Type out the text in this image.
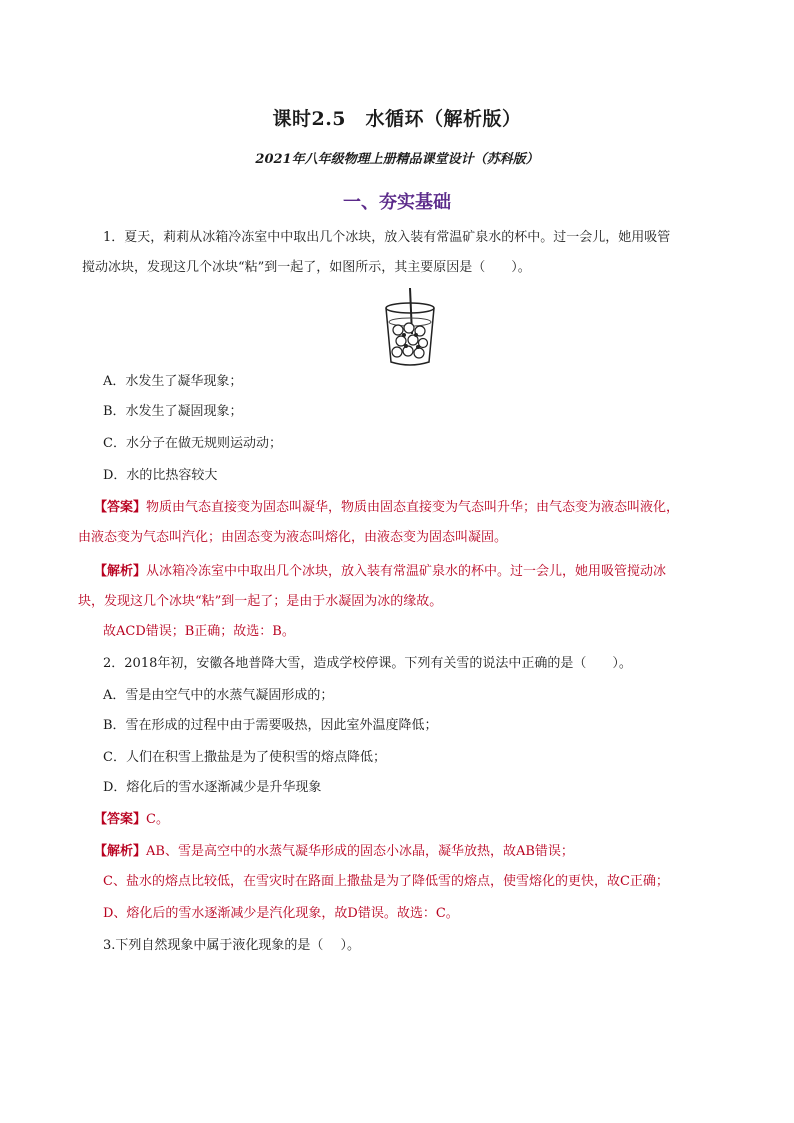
课时2.5　水循环（解析版）
2021年八年级物理上册精品课堂设计（苏科版）
一、夯实基础
1．夏天，莉莉从冰箱冷冻室中中取出几个冰块，放入装有常温矿泉水的杯中。过一会儿，她用吸管
搅动冰块，发现这几个冰块“粘”到一起了，如图所示，其主要原因是（　　）。
A．水发生了凝华现象；
B．水发生了凝固现象；
C．水分子在做无规则运动动；
D．水的比热容较大
【答案】物质由气态直接变为固态叫凝华，物质由固态直接变为气态叫升华；由气态变为液态叫液化，
由液态变为气态叫汽化；由固态变为液态叫熔化，由液态变为固态叫凝固。
【解析】从冰箱冷冻室中中取出几个冰块，放入装有常温矿泉水的杯中。过一会儿，她用吸管搅动冰
块，发现这几个冰块“粘”到一起了；是由于水凝固为冰的缘故。
故ACD错误；B正确；故选：B。
2．2018年初，安徽各地普降大雪，造成学校停课。下列有关雪的说法中正确的是（　　）。
A．雪是由空气中的水蒸气凝固形成的；
B．雪在形成的过程中由于需要吸热，因此室外温度降低；
C．人们在积雪上撒盐是为了使积雪的熔点降低；
D．熔化后的雪水逐渐减少是升华现象
【答案】C。
【解析】AB、雪是高空中的水蒸气凝华形成的固态小冰晶，凝华放热，故AB错误；
C、盐水的熔点比较低，在雪灾时在路面上撒盐是为了降低雪的熔点，使雪熔化的更快，故C正确；
D、熔化后的雪水逐渐减少是汽化现象，故D错误。故选：C。
3.下列自然现象中属于液化现象的是（　 ）。
